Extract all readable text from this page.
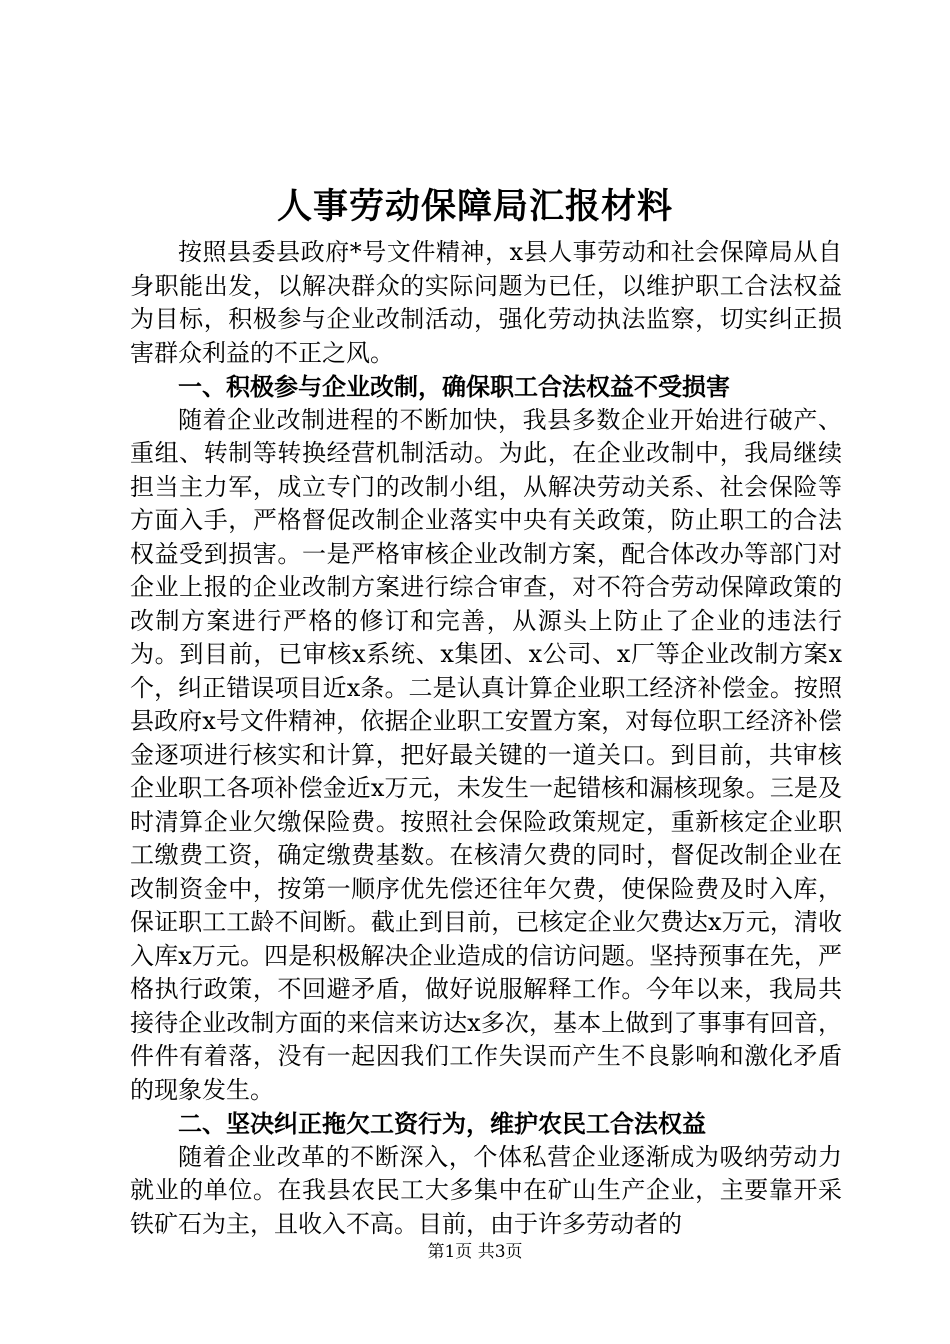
人事劳动保障局汇报材料

按照县委县政府*号文件精神，x县人事劳动和社会保障局从自身职能出发，以解决群众的实际问题为已任，以维护职工合法权益为目标，积极参与企业改制活动，强化劳动执法监察，切实纠正损害群众利益的不正之风。

一、积极参与企业改制，确保职工合法权益不受损害

随着企业改制进程的不断加快，我县多数企业开始进行破产、重组、转制等转换经营机制活动。为此，在企业改制中，我局继续担当主力军，成立专门的改制小组，从解决劳动关系、社会保险等方面入手，严格督促改制企业落实中央有关政策，防止职工的合法权益受到损害。一是严格审核企业改制方案，配合体改办等部门对企业上报的企业改制方案进行综合审查，对不符合劳动保障政策的改制方案进行严格的修订和完善，从源头上防止了企业的违法行为。到目前，已审核x系统、x集团、x公司、x厂等企业改制方案x个，纠正错误项目近x条。二是认真计算企业职工经济补偿金。按照县政府x号文件精神，依据企业职工安置方案，对每位职工经济补偿金逐项进行核实和计算，把好最关键的一道关口。到目前，共审核企业职工各项补偿金近x万元，未发生一起错核和漏核现象。三是及时清算企业欠缴保险费。按照社会保险政策规定，重新核定企业职工缴费工资，确定缴费基数。在核清欠费的同时，督促改制企业在改制资金中，按第一顺序优先偿还往年欠费，使保险费及时入库，保证职工工龄不间断。截止到目前，已核定企业欠费达x万元，清收入库x万元。四是积极解决企业造成的信访问题。坚持预事在先，严格执行政策，不回避矛盾，做好说服解释工作。今年以来，我局共接待企业改制方面的来信来访达x多次，基本上做到了事事有回音，件件有着落，没有一起因我们工作失误而产生不良影响和激化矛盾的现象发生。

二、坚决纠正拖欠工资行为，维护农民工合法权益

随着企业改革的不断深入，个体私营企业逐渐成为吸纳劳动力就业的单位。在我县农民工大多集中在矿山生产企业，主要靠开采铁矿石为主，且收入不高。目前，由于许多劳动者的

第1页 共3页
